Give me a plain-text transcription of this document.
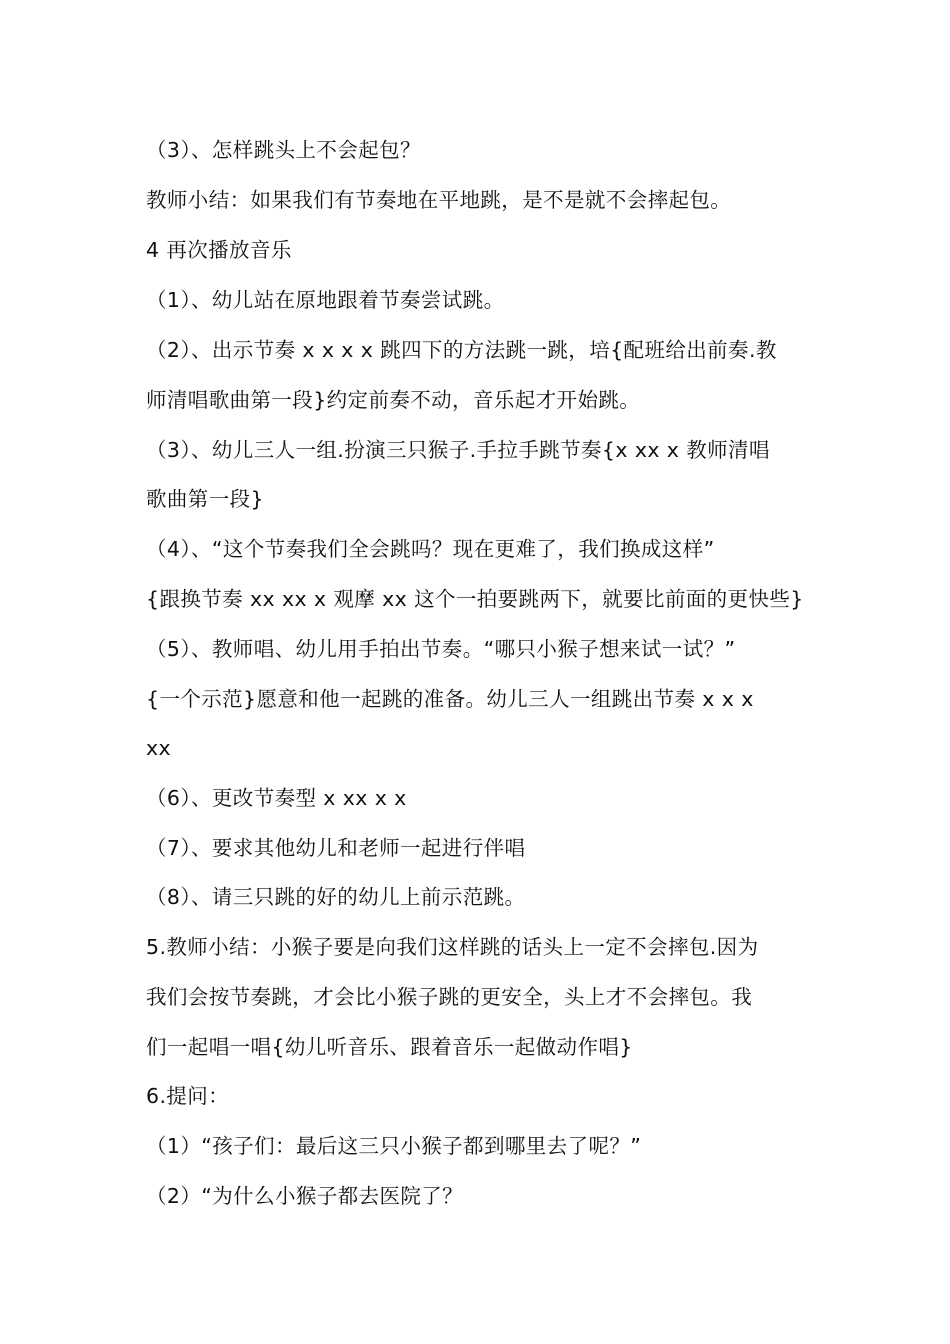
（3）、怎样跳头上不会起包？
教师小结：如果我们有节奏地在平地跳，是不是就不会摔起包。
4 再次播放音乐
（1）、幼儿站在原地跟着节奏尝试跳。
（2）、出示节奏 x x x x 跳四下的方法跳一跳，培{配班给出前奏.教
师清唱歌曲第一段}约定前奏不动，音乐起才开始跳。
（3）、幼儿三人一组.扮演三只猴子.手拉手跳节奏{x xx x 教师清唱
歌曲第一段}
（4）、“这个节奏我们全会跳吗？现在更难了，我们换成这样”
{跟换节奏 xx xx x 观摩 xx 这个一拍要跳两下，就要比前面的更快些}
（5）、教师唱、幼儿用手拍出节奏。“哪只小猴子想来试一试？”
{一个示范}愿意和他一起跳的准备。幼儿三人一组跳出节奏 x x x
xx
（6）、更改节奏型 x xx x x
（7）、要求其他幼儿和老师一起进行伴唱
（8）、请三只跳的好的幼儿上前示范跳。
5.教师小结：小猴子要是向我们这样跳的话头上一定不会摔包.因为
我们会按节奏跳，才会比小猴子跳的更安全，头上才不会摔包。我
们一起唱一唱{幼儿听音乐、跟着音乐一起做动作唱}
6.提问：
（1）“孩子们：最后这三只小猴子都到哪里去了呢？”
（2）“为什么小猴子都去医院了？
